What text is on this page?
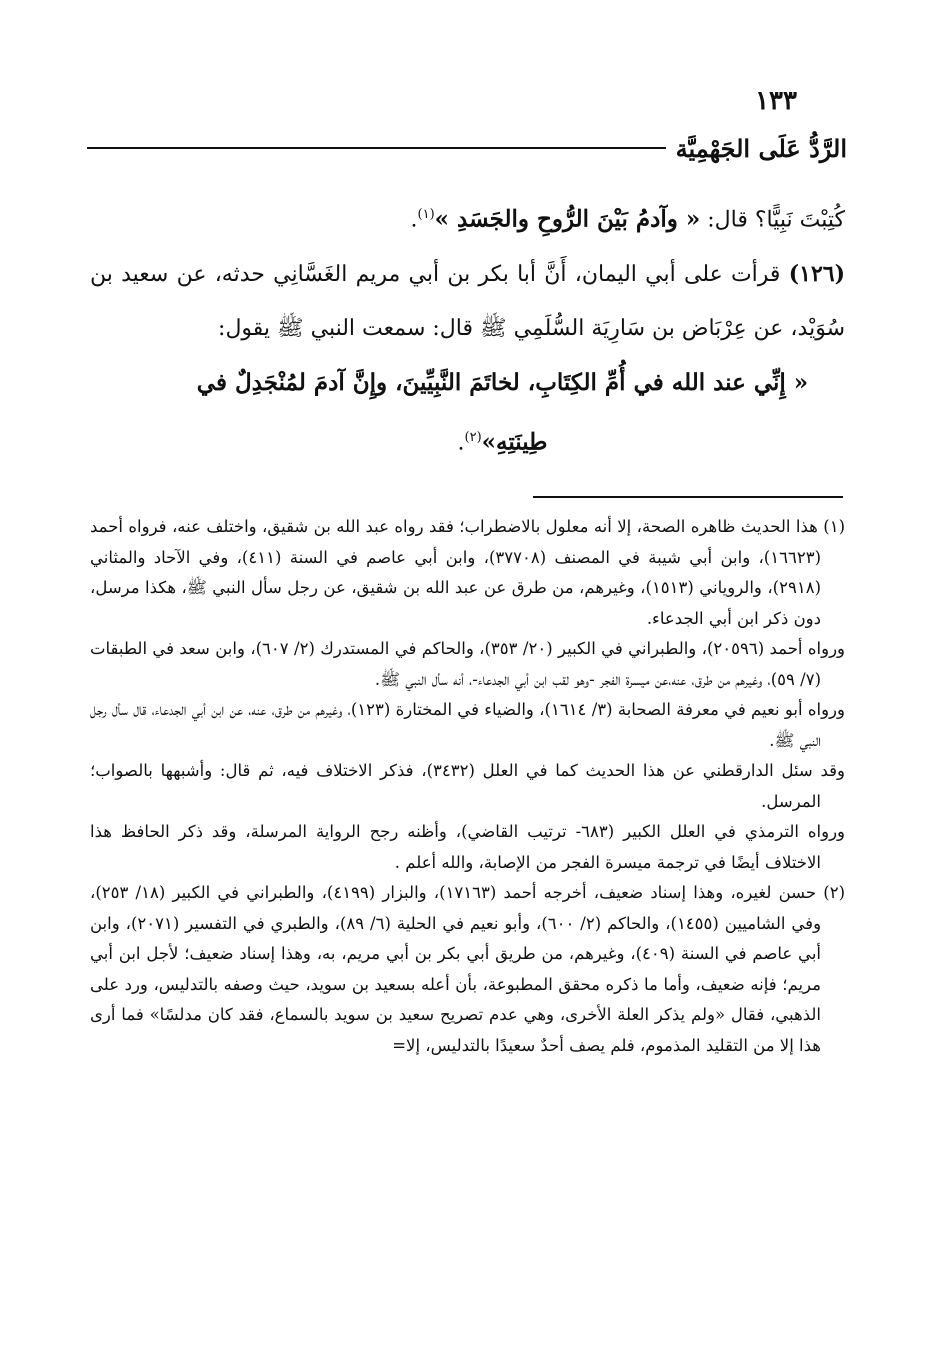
١٣٣
الرَّدُّ عَلَى الجَهْمِيَّة

كُتِبْتَ نَبِيًّا؟ قال: « وآدمُ بَيْنَ الرُّوحِ والجَسَدِ »$^{(١)}$.

(١٢٦) قرأت على أبي اليمان، أَنَّ أبا بكر بن أبي مريم الغَسَّانِي حدثه، عن سعيد بن سُوَيْد، عن عِرْبَاض بن سَارِيَة السُّلَمِي ﷺ قال: سمعت النبي ﷺ يقول:

« إِنِّي عند الله في أُمِّ الكِتَابِ، لخاتَمَ النَّبِيِّينَ، وإِنَّ آدمَ لمُنْجَدِلٌ في طِينَتِهِ»$^{(٢)}$.

(١) هذا الحديث ظاهره الصحة، إلا أنه معلول بالاضطراب؛ فقد رواه عبد الله بن شقيق، واختلف عنه، فرواه أحمد (١٦٦٢٣)، وابن أبي شيبة في المصنف (٣٧٧٠٨)، وابن أبي عاصم في السنة (٤١١)، وفي الآحاد والمثاني (٢٩١٨)، والروياني (١٥١٣)، وغيرهم، من طرق عن عبد الله بن شقيق، عن رجل سأل النبي ﷺ، هكذا مرسل، دون ذكر ابن أبي الجدعاء.

ورواه أحمد (٢٠٥٩٦)، والطبراني في الكبير (٢٠/ ٣٥٣)، والحاكم في المستدرك (٢/ ٦٠٧)، وابن سعد في الطبقات (٧/ ٥٩)، وغيرهم من طرق، عنه،عن ميسرة الفجر -وهو لقب ابن أبي الجدعاء-، أنه سأل النبي ﷺ.

ورواه أبو نعيم في معرفة الصحابة (٣/ ١٦١٤)، والضياء في المختارة (١٢٣)، وغيرهم من طرق، عنه، عن ابن أبي الجدعاء، قال سأل رجل النبي ﷺ.

وقد سئل الدارقطني عن هذا الحديث كما في العلل (٣٤٣٢)، فذكر الاختلاف فيه، ثم قال: وأشبهها بالصواب؛ المرسل.

ورواه الترمذي في العلل الكبير (٦٨٣- ترتيب القاضي)، وأظنه رجح الرواية المرسلة، وقد ذكر الحافظ هذا الاختلاف أيضًا في ترجمة ميسرة الفجر من الإصابة، والله أعلم .

(٢) حسن لغيره، وهذا إسناد ضعيف، أخرجه أحمد (١٧١٦٣)، والبزار (٤١٩٩)، والطبراني في الكبير (١٨/ ٢٥٣)، وفي الشاميين (١٤٥٥)، والحاكم (٢/ ٦٠٠)، وأبو نعيم في الحلية (٦/ ٨٩)، والطبري في التفسير (٢٠٧١)، وابن أبي عاصم في السنة (٤٠٩)، وغيرهم، من طريق أبي بكر بن أبي مريم، به، وهذا إسناد ضعيف؛ لأجل ابن أبي مريم؛ فإنه ضعيف، وأما ما ذكره محقق المطبوعة، بأن أعله بسعيد بن سويد، حيث وصفه بالتدليس، ورد على الذهبي، فقال «ولم يذكر العلة الأخرى، وهي عدم تصريح سعيد بن سويد بالسماع، فقد كان مدلسًا» فما أرى هذا إلا من التقليد المذموم، فلم يصف أحدٌ سعيدًا بالتدليس، إلا=
